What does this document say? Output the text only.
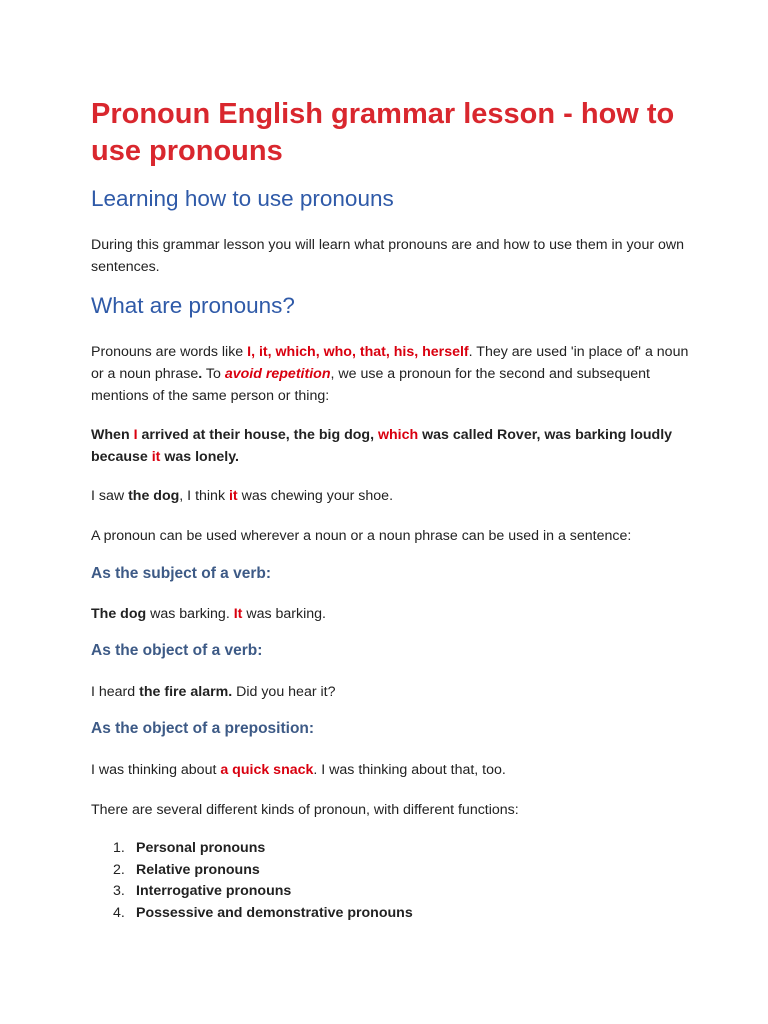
Pronoun English grammar lesson - how to use pronouns
Learning how to use pronouns

During this grammar lesson you will learn what pronouns are and how to use them in your own sentences.

What are pronouns?

Pronouns are words like I, it, which, who, that, his, herself. They are used 'in place of' a noun or a noun phrase. To avoid repetition, we use a pronoun for the second and subsequent mentions of the same person or thing:

When I arrived at their house, the big dog, which was called Rover, was barking loudly because it was lonely.

I saw the dog, I think it was chewing your shoe.

A pronoun can be used wherever a noun or a noun phrase can be used in a sentence:

As the subject of a verb:

The dog was barking. It was barking.

As the object of a verb:

I heard the fire alarm. Did you hear it?

As the object of a preposition:

I was thinking about a quick snack. I was thinking about that, too.

There are several different kinds of pronoun, with different functions:

1. Personal pronouns
2. Relative pronouns
3. Interrogative pronouns
4. Possessive and demonstrative pronouns
